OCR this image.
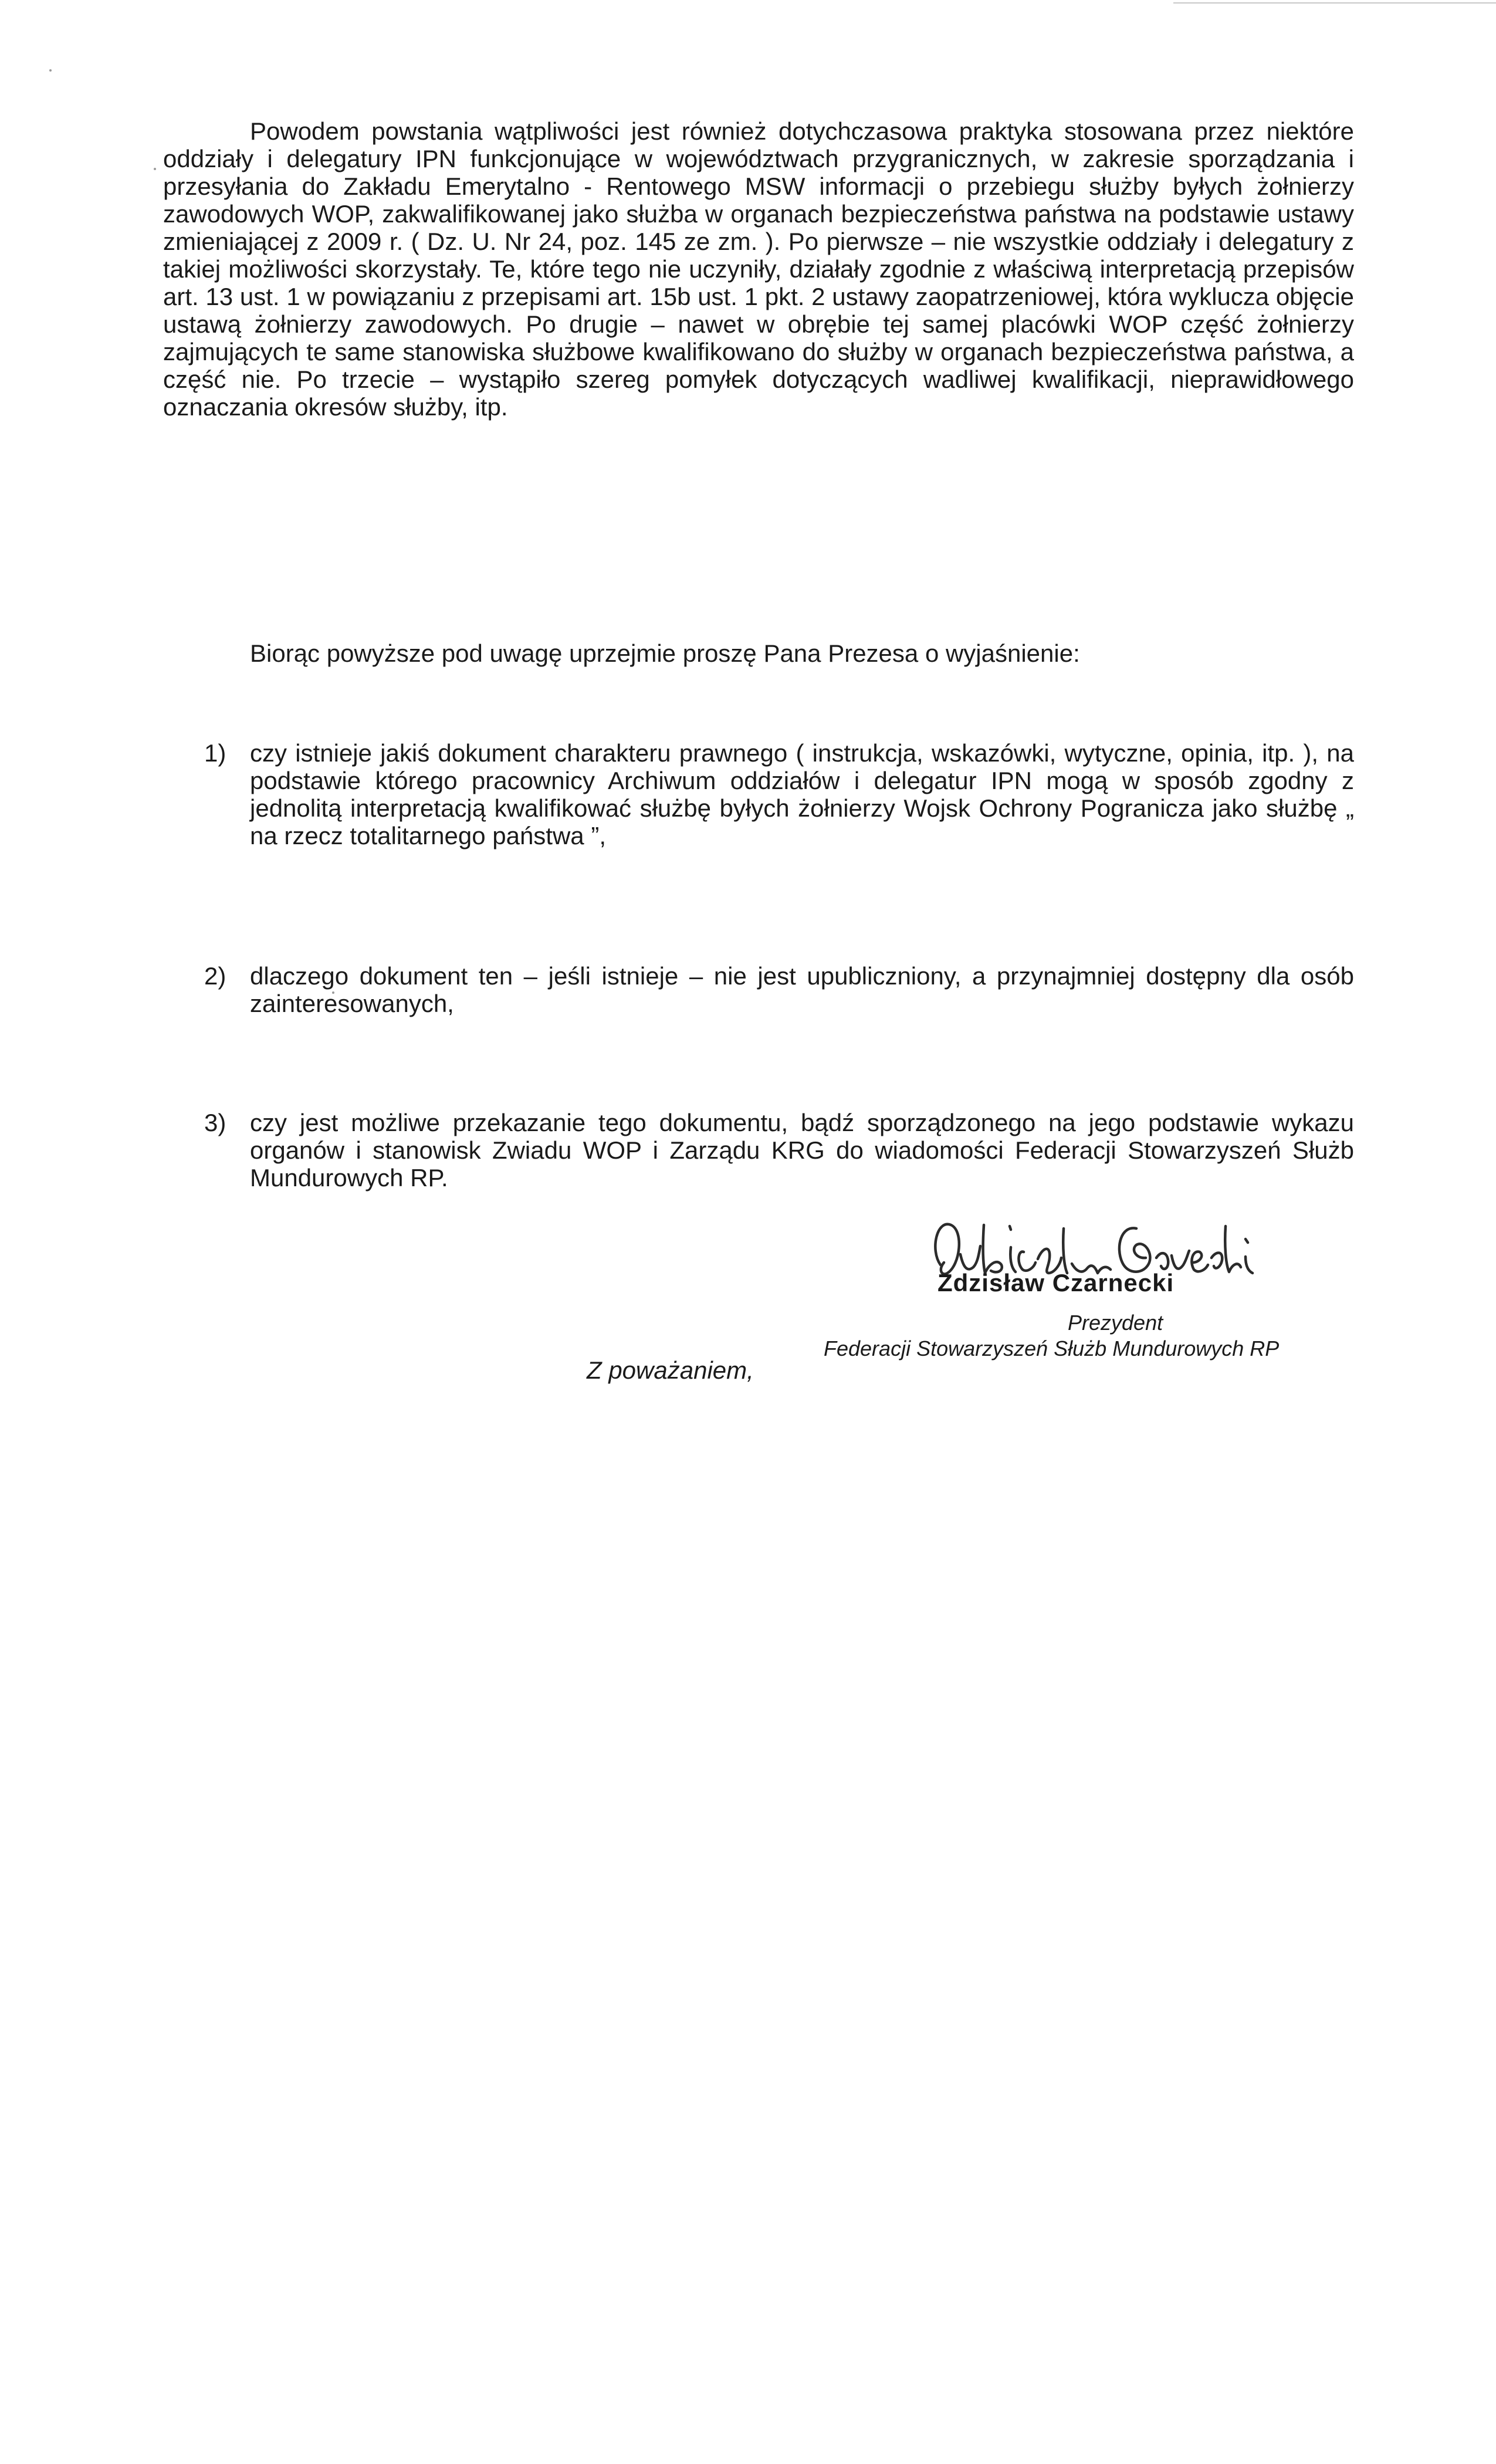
Powodem powstania wątpliwości jest również dotychczasowa praktyka stosowana przez niektóre oddziały i delegatury IPN funkcjonujące w województwach przygranicznych, w zakresie sporządzania i przesyłania do Zakładu Emerytalno - Rentowego MSW informacji o przebiegu służby byłych żołnierzy zawodowych WOP, zakwalifikowanej jako służba w organach bezpieczeństwa państwa na podstawie ustawy zmieniającej z 2009 r. ( Dz. U. Nr 24, poz. 145 ze zm. ). Po pierwsze – nie wszystkie oddziały i delegatury z takiej możliwości skorzystały. Te, które tego nie uczyniły, działały zgodnie z właściwą interpretacją przepisów art. 13 ust. 1 w powiązaniu z przepisami art. 15b ust. 1 pkt. 2 ustawy zaopatrzeniowej, która wyklucza objęcie ustawą żołnierzy zawodowych. Po drugie – nawet w obrębie tej samej placówki WOP część żołnierzy zajmujących te same stanowiska służbowe kwalifikowano do służby w organach bezpieczeństwa państwa, a część nie. Po trzecie – wystąpiło szereg pomyłek dotyczących wadliwej kwalifikacji, nieprawidłowego oznaczania okresów służby, itp.

Biorąc powyższe pod uwagę uprzejmie proszę Pana Prezesa o wyjaśnienie:

1) czy istnieje jakiś dokument charakteru prawnego ( instrukcja, wskazówki, wytyczne, opinia, itp. ), na podstawie którego pracownicy Archiwum oddziałów i delegatur IPN mogą w sposób zgodny z jednolitą interpretacją kwalifikować służbę byłych żołnierzy Wojsk Ochrony Pogranicza jako służbę „ na rzecz totalitarnego państwa ”,
2) dlaczego dokument ten – jeśli istnieje – nie jest upubliczniony, a przynajmniej dostępny dla osób zainteresowanych,
3) czy jest możliwe przekazanie tego dokumentu, bądź sporządzonego na jego podstawie wykazu organów i stanowisk Zwiadu WOP i Zarządu KRG do wiadomości Federacji Stowarzyszeń Służb Mundurowych RP.

Z poważaniem,

Zdzisław Czarnecki

Prezydent

Federacji Stowarzyszeń Służb Mundurowych RP
